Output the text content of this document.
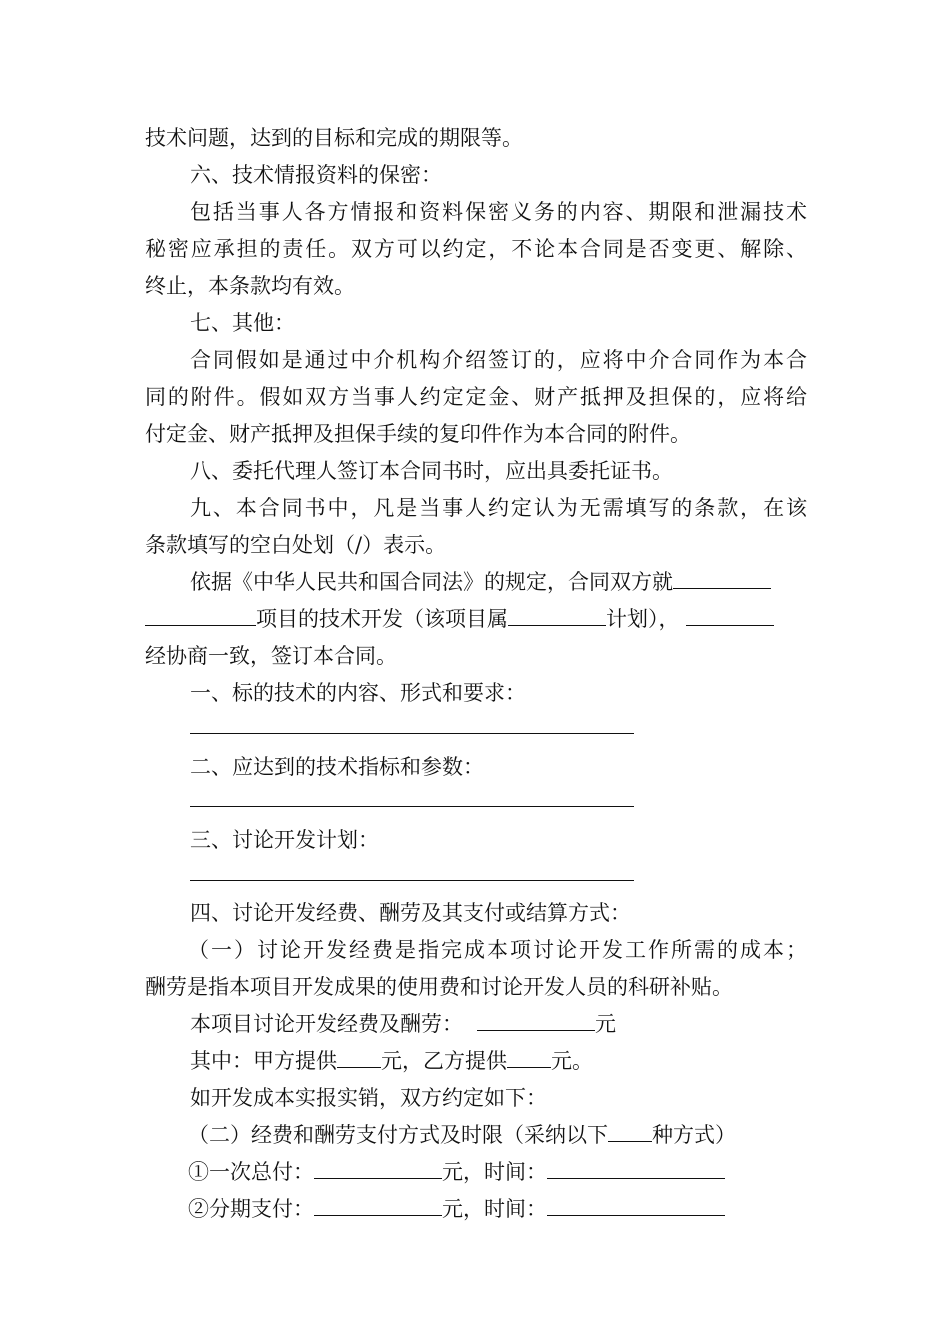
技术问题，达到的目标和完成的期限等。
六、技术情报资料的保密：
包括当事人各方情报和资料保密义务的内容、期限和泄漏技术
秘密应承担的责任。双方可以约定，不论本合同是否变更、解除、
终止，本条款均有效。
七、其他：
合同假如是通过中介机构介绍签订的，应将中介合同作为本合
同的附件。假如双方当事人约定定金、财产抵押及担保的，应将给
付定金、财产抵押及担保手续的复印件作为本合同的附件。
八、委托代理人签订本合同书时，应出具委托证书。
九、本合同书中，凡是当事人约定认为无需填写的条款，在该
条款填写的空白处划（/）表示。
依据《中华人民共和国合同法》的规定，合同双方就
项目的技术开发（该项目属	计划），
经协商一致，签订本合同。
一、标的技术的内容、形式和要求：
二、应达到的技术指标和参数：
三、讨论开发计划：
四、讨论开发经费、酬劳及其支付或结算方式：
（一）讨论开发经费是指完成本项讨论开发工作所需的成本；
酬劳是指本项目开发成果的使用费和讨论开发人员的科研补贴。
本项目讨论开发经费及酬劳：	元
其中：甲方提供 元，乙方提供 元。
如开发成本实报实销，双方约定如下：
（二）经费和酬劳支付方式及时限（采纳以下 种方式）
①一次总付：	元，时间：
②分期支付：	元，时间：
